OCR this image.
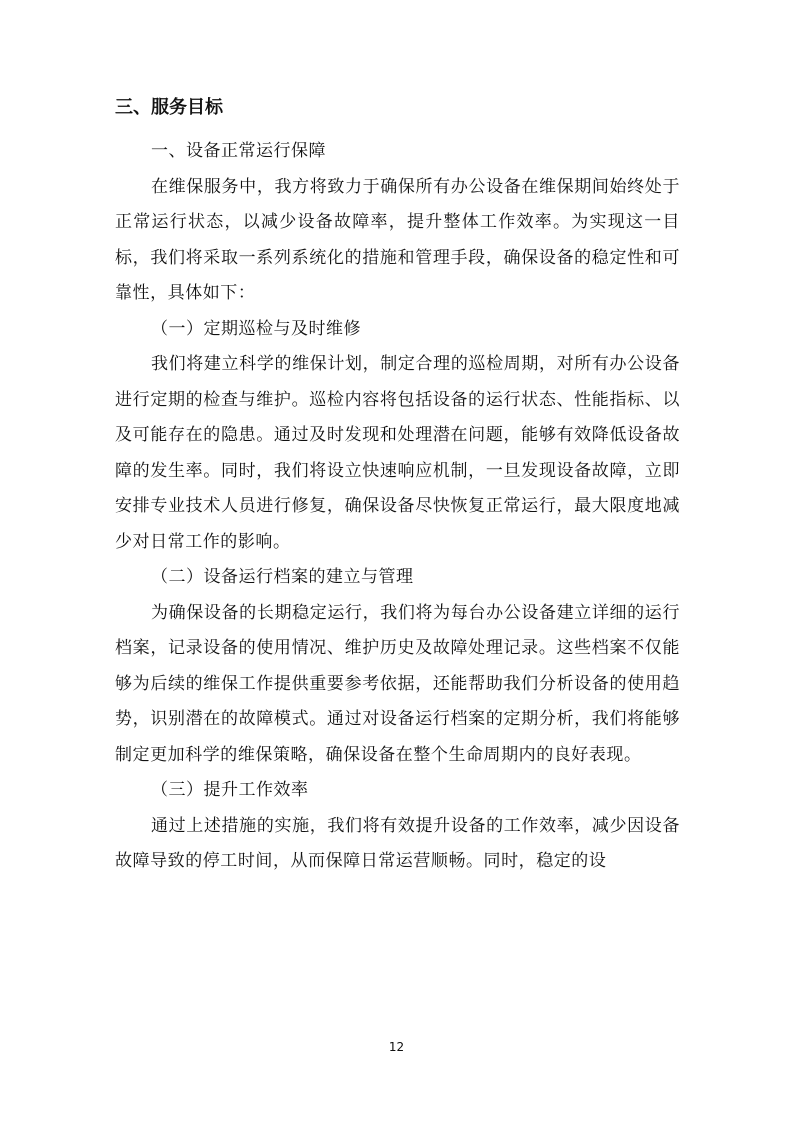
三、服务目标

一、设备正常运行保障

在维保服务中，我方将致力于确保所有办公设备在维保期间始终处于正常运行状态，以减少设备故障率，提升整体工作效率。为实现这一目标，我们将采取一系列系统化的措施和管理手段，确保设备的稳定性和可靠性，具体如下：

（一）定期巡检与及时维修

我们将建立科学的维保计划，制定合理的巡检周期，对所有办公设备进行定期的检查与维护。巡检内容将包括设备的运行状态、性能指标、以及可能存在的隐患。通过及时发现和处理潜在问题，能够有效降低设备故障的发生率。同时，我们将设立快速响应机制，一旦发现设备故障，立即安排专业技术人员进行修复，确保设备尽快恢复正常运行，最大限度地减少对日常工作的影响。

（二）设备运行档案的建立与管理

为确保设备的长期稳定运行，我们将为每台办公设备建立详细的运行档案，记录设备的使用情况、维护历史及故障处理记录。这些档案不仅能够为后续的维保工作提供重要参考依据，还能帮助我们分析设备的使用趋势，识别潜在的故障模式。通过对设备运行档案的定期分析，我们将能够制定更加科学的维保策略，确保设备在整个生命周期内的良好表现。

（三）提升工作效率

通过上述措施的实施，我们将有效提升设备的工作效率，减少因设备故障导致的停工时间，从而保障日常运营顺畅。同时，稳定的设

12
